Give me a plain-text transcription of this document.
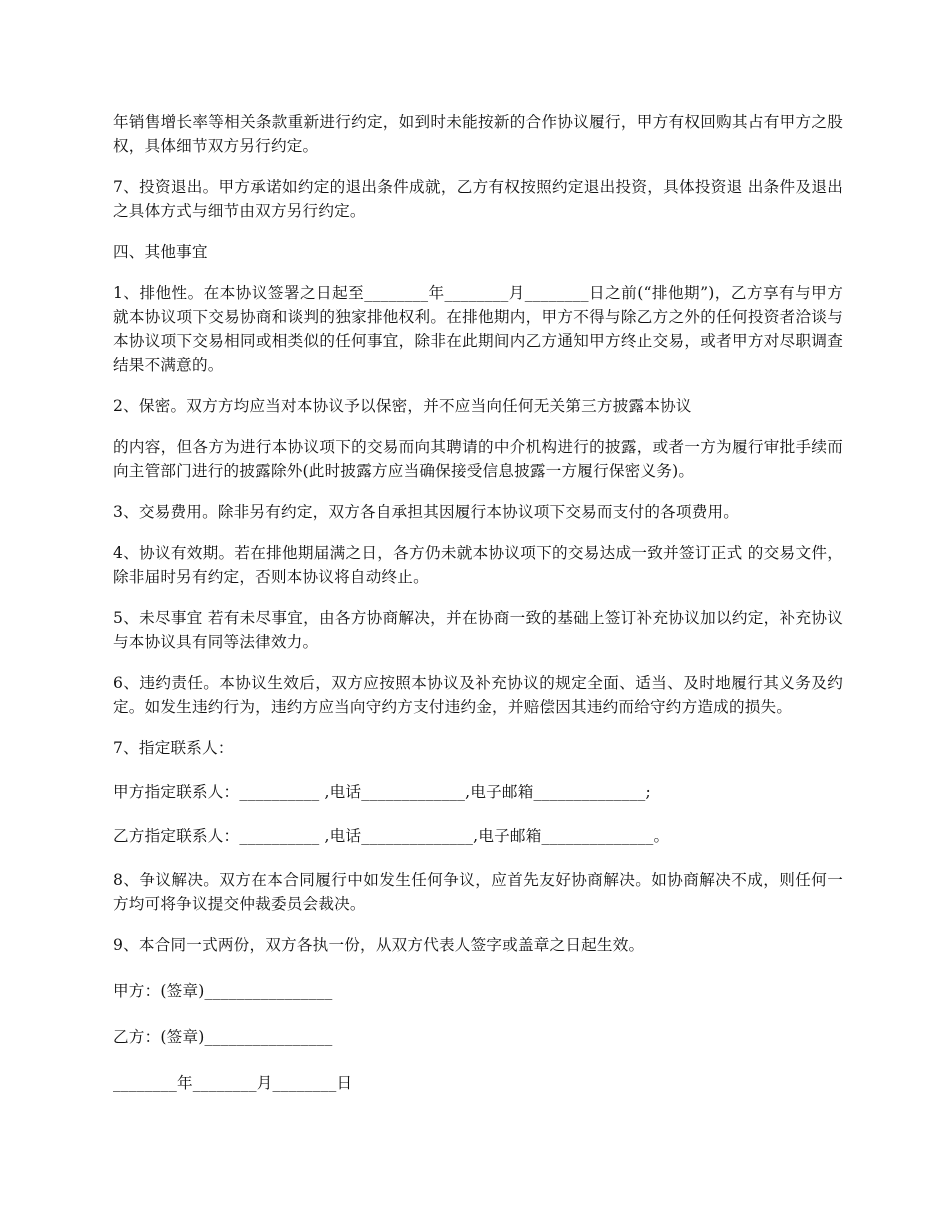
年销售增长率等相关条款重新进行约定，如到时未能按新的合作协议履行，甲方有权回购其占有甲方之股权，具体细节双方另行约定。

7、投资退出。甲方承诺如约定的退出条件成就，乙方有权按照约定退出投资，具体投资退 出条件及退出之具体方式与细节由双方另行约定。

四、其他事宜

1、排他性。在本协议签署之日起至________年________月________日之前(“排他期”)，乙方享有与甲方就本协议项下交易协商和谈判的独家排他权利。在排他期内，甲方不得与除乙方之外的任何投资者洽谈与本协议项下交易相同或相类似的任何事宜，除非在此期间内乙方通知甲方终止交易，或者甲方对尽职调查结果不满意的。

2、保密。双方方均应当对本协议予以保密，并不应当向任何无关第三方披露本协议

的内容，但各方为进行本协议项下的交易而向其聘请的中介机构进行的披露，或者一方为履行审批手续而向主管部门进行的披露除外(此时披露方应当确保接受信息披露一方履行保密义务)。

3、交易费用。除非另有约定，双方各自承担其因履行本协议项下交易而支付的各项费用。

4、协议有效期。若在排他期届满之日，各方仍未就本协议项下的交易达成一致并签订正式 的交易文件，除非届时另有约定，否则本协议将自动终止。

5、未尽事宜 若有未尽事宜，由各方协商解决，并在协商一致的基础上签订补充协议加以约定，补充协议与本协议具有同等法律效力。

6、违约责任。本协议生效后，双方应按照本协议及补充协议的规定全面、适当、及时地履行其义务及约定。如发生违约行为，违约方应当向守约方支付违约金，并赔偿因其违约而给守约方造成的损失。

7、指定联系人：

甲方指定联系人：__________ ,电话_____________,电子邮箱______________;

乙方指定联系人：__________ ,电话______________,电子邮箱______________。

8、争议解决。双方在本合同履行中如发生任何争议，应首先友好协商解决。如协商解决不成，则任何一方均可将争议提交仲裁委员会裁决。

9、本合同一式两份，双方各执一份，从双方代表人签字或盖章之日起生效。

甲方：(签章)________________

乙方：(签章)________________

________年________月________日
